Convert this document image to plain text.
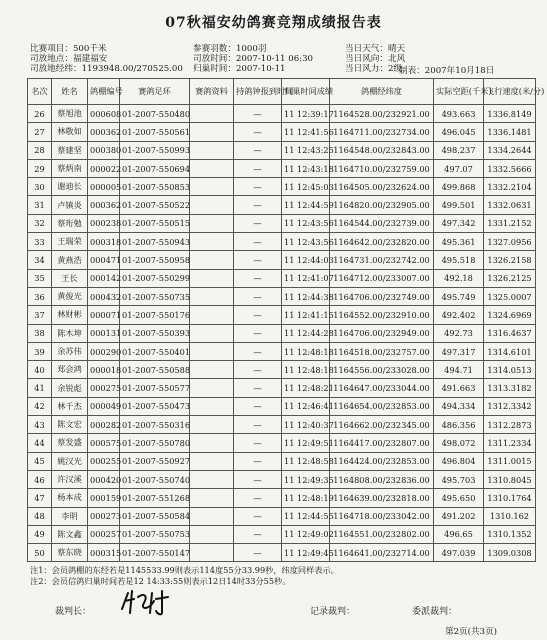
07秋福安幼鸽赛竞翔成绩报告表
比赛项目：500千米
司放地点：福建福安
司放地经纬：1193948.00/270525.00
参赛羽数：1000羽
司放时间：2007-10-11 06:30
归巢时间：2007-10-11
当日天气：晴天
当日风向：北风
当日风力：2级
制表：2007年10月18日
名次	姓名	鸽棚编号	赛鸽足环	赛鸽资料	持鸽钟报到时间	归巢时间成绩	鸽棚经纬度	实际空距(千米)	飞行速度(米/分)
26	蔡旭池	000608	01-2007-550480		—	11 12:39:17	1164528.00/232921.00	493.663	1336.8149
27	林敬如	000362	01-2007-550561		—	11 12:41:56	1164711.00/232734.00	496.045	1336.1481
28	蔡建坚	000380	01-2007-550993		—	11 12:43:25	1164548.00/232843.00	498.237	1334.2644
29	蔡炳南	000022	01-2007-550694		—	11 12:43:18	1164710.00/232759.00	497.07	1332.5666
30	谢迪长	000005	01-2007-550853		—	11 12:45:03	1164505.00/232624.00	499.868	1332.2104
31	卢镇炎	000362	01-2007-550522		—	11 12:44:59	1164820.00/232905.00	499.501	1332.0631
32	蔡珩勉	000238	01-2007-550515		—	11 12:43:56	1164544.00/232739.00	497.342	1331.2152
33	王瑞荣	000318	01-2007-550943		—	11 12:43:56	1164642.00/232820.00	495.361	1327.0956
34	黄燕浩	000471	01-2007-550958		—	11 12:44:03	1164731.00/232742.00	495.518	1326.2158
35	王长	000142	01-2007-550299		—	11 12:41:07	1164712.00/233007.00	492.18	1326.2125
36	黄俊光	000432	01-2007-550735		—	11 12:44:38	1164706.00/232749.00	495.749	1325.0007
37	林财彬	000071	01-2007-550176		—	11 12:41:15	1164552.00/232910.00	492.402	1324.6969
38	陈木坤	000131	01-2007-550393		—	11 12:44:28	1164706.00/232949.00	492.73	1316.4637
39	余苏伟	000290	01-2007-550401		—	11 12:48:18	1164518.00/232757.00	497.317	1314.6101
40	郑会鸿	000018	01-2007-550588		—	11 12:48:18	1164556.00/233028.00	494.71	1314.0513
41	余锐彪	000275	01-2007-550577		—	11 12:48:21	1164647.00/233044.00	491.663	1313.3182
42	林千杰	000049	01-2007-550473		—	11 12:46:41	1164654.00/232853.00	494.334	1312.3342
43	陈文宏	000282	01-2007-550316		—	11 12:40:37	1164662.00/232345.00	486.356	1312.2873
44	蔡发盛	000575	01-2007-550780		—	11 12:49:51	1164417.00/232807.00	498.072	1311.2334
45	姚汉光	000255	01-2007-550927		—	11 12:48:58	1164424.00/232853.00	496.804	1311.0015
46	许汉溪	000420	01-2007-550740		—	11 12:49:35	1164808.00/232836.00	495.703	1310.8045
47	杨本成	000159	01-2007-551268		—	11 12:48:19	1164639.00/232818.00	495.650	1310.1764
48	李明	000273	01-2007-550584		—	11 12:44:55	1164718.00/233042.00	491.202	1310.162
49	陈文鑫	000257	01-2007-550753		—	11 12:49:02	1164551.00/232802.00	496.65	1310.1352
50	蔡东晓	000315	01-2007-550147		—	11 12:49:45	1164641.00/232714.00	497.039	1309.0308
注1：会员鸽棚的东经若是1145533.99则表示114度55分33.99秒，纬度同样表示。
注2：会员信鸽归巢时间若是12 14:33:55则表示12日14时33分55秒。
裁判长：	记录裁判：	委派裁判：
第2页(共3页)
